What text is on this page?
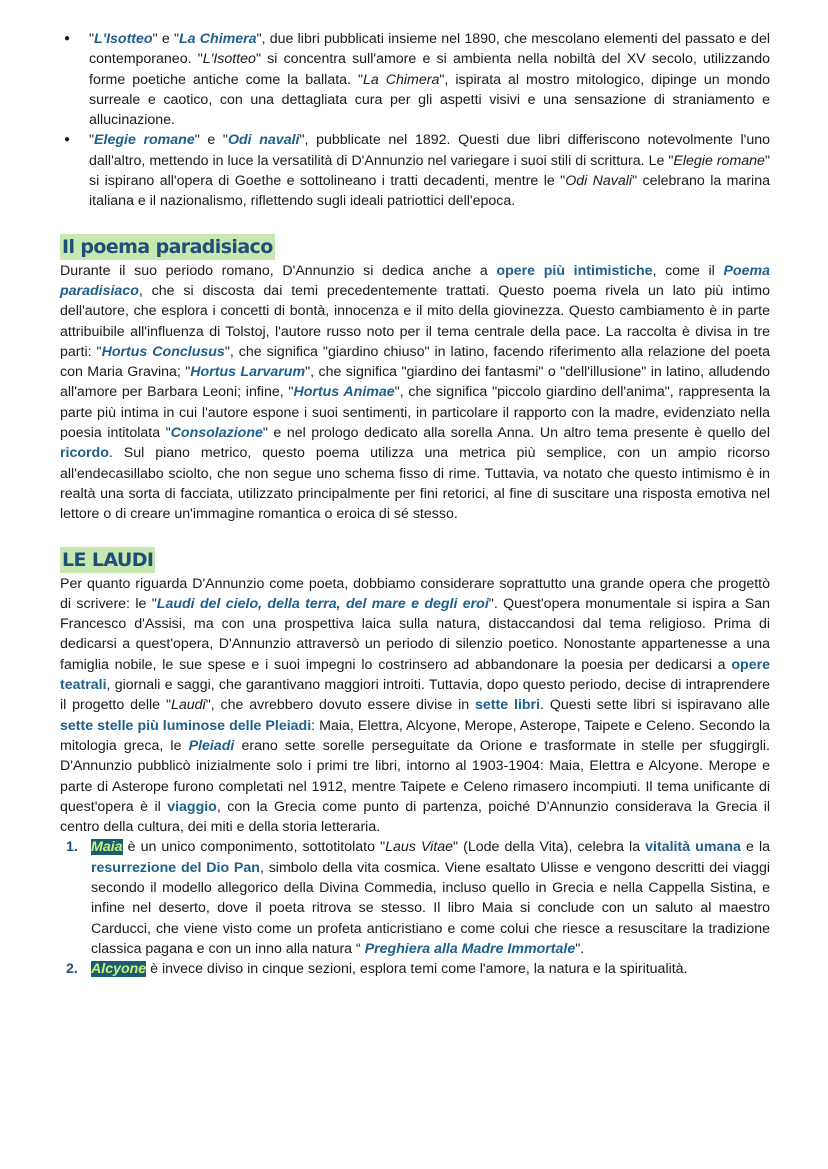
● "L'Isotteo" e "La Chimera", due libri pubblicati insieme nel 1890, che mescolano elementi del passato e del contemporaneo. "L'Isotteo" si concentra sull'amore e si ambienta nella nobiltà del XV secolo, utilizzando forme poetiche antiche come la ballata. "La Chimera", ispirata al mostro mitologico, dipinge un mondo surreale e caotico, con una dettagliata cura per gli aspetti visivi e una sensazione di straniamento e allucinazione.
● "Elegie romane" e "Odi navali", pubblicate nel 1892. Questi due libri differiscono notevolmente l'uno dall'altro, mettendo in luce la versatilità di D'Annunzio nel variegare i suoi stili di scrittura. Le "Elegie romane" si ispirano all'opera di Goethe e sottolineano i tratti decadenti, mentre le "Odi Navali" celebrano la marina italiana e il nazionalismo, riflettendo sugli ideali patriottici dell'epoca.
Il poema paradisiaco

Durante il suo periodo romano, D'Annunzio si dedica anche a opere più intimistiche, come il Poema paradisiaco, che si discosta dai temi precedentemente trattati. Questo poema rivela un lato più intimo dell'autore, che esplora i concetti di bontà, innocenza e il mito della giovinezza. Questo cambiamento è in parte attribuibile all'influenza di Tolstoj, l'autore russo noto per il tema centrale della pace. La raccolta è divisa in tre parti: "Hortus Conclusus", che significa "giardino chiuso" in latino, facendo riferimento alla relazione del poeta con Maria Gravina; "Hortus Larvarum", che significa "giardino dei fantasmi" o "dell'illusione" in latino, alludendo all'amore per Barbara Leoni; infine, "Hortus Animae", che significa "piccolo giardino dell'anima", rappresenta la parte più intima in cui l'autore espone i suoi sentimenti, in particolare il rapporto con la madre, evidenziato nella poesia intitolata "Consolazione" e nel prologo dedicato alla sorella Anna. Un altro tema presente è quello del ricordo. Sul piano metrico, questo poema utilizza una metrica più semplice, con un ampio ricorso all'endecasillabo sciolto, che non segue uno schema fisso di rime. Tuttavia, va notato che questo intimismo è in realtà una sorta di facciata, utilizzato principalmente per fini retorici, al fine di suscitare una risposta emotiva nel lettore o di creare un'immagine romantica o eroica di sé stesso.

LE LAUDI

Per quanto riguarda D'Annunzio come poeta, dobbiamo considerare soprattutto una grande opera che progettò di scrivere: le "Laudi del cielo, della terra, del mare e degli eroi". Quest'opera monumentale si ispira a San Francesco d'Assisi, ma con una prospettiva laica sulla natura, distaccandosi dal tema religioso. Prima di dedicarsi a quest'opera, D'Annunzio attraversò un periodo di silenzio poetico. Nonostante appartenesse a una famiglia nobile, le sue spese e i suoi impegni lo costrinsero ad abbandonare la poesia per dedicarsi a opere teatrali, giornali e saggi, che garantivano maggiori introiti. Tuttavia, dopo questo periodo, decise di intraprendere il progetto delle "Laudi", che avrebbero dovuto essere divise in sette libri. Questi sette libri si ispiravano alle sette stelle più luminose delle Pleiadi: Maia, Elettra, Alcyone, Merope, Asterope, Taipete e Celeno. Secondo la mitologia greca, le Pleiadi erano sette sorelle perseguitate da Orione e trasformate in stelle per sfuggirgli. D'Annunzio pubblicò inizialmente solo i primi tre libri, intorno al 1903-1904: Maia, Elettra e Alcyone. Merope e parte di Asterope furono completati nel 1912, mentre Taipete e Celeno rimasero incompiuti. Il tema unificante di quest'opera è il viaggio, con la Grecia come punto di partenza, poiché D'Annunzio considerava la Grecia il centro della cultura, dei miti e della storia letteraria.

1. Maia è un unico componimento, sottotitolato "Laus Vitae" (Lode della Vita), celebra la vitalità umana e la resurrezione del Dio Pan, simbolo della vita cosmica. Viene esaltato Ulisse e vengono descritti dei viaggi secondo il modello allegorico della Divina Commedia, incluso quello in Grecia e nella Cappella Sistina, e infine nel deserto, dove il poeta ritrova se stesso. Il libro Maia si conclude con un saluto al maestro Carducci, che viene visto come un profeta anticristiano e come colui che riesce a resuscitare la tradizione classica pagana e con un inno alla natura “ Preghiera alla Madre Immortale".
2. Alcyone è invece diviso in cinque sezioni, esplora temi come l'amore, la natura e la spiritualità.
